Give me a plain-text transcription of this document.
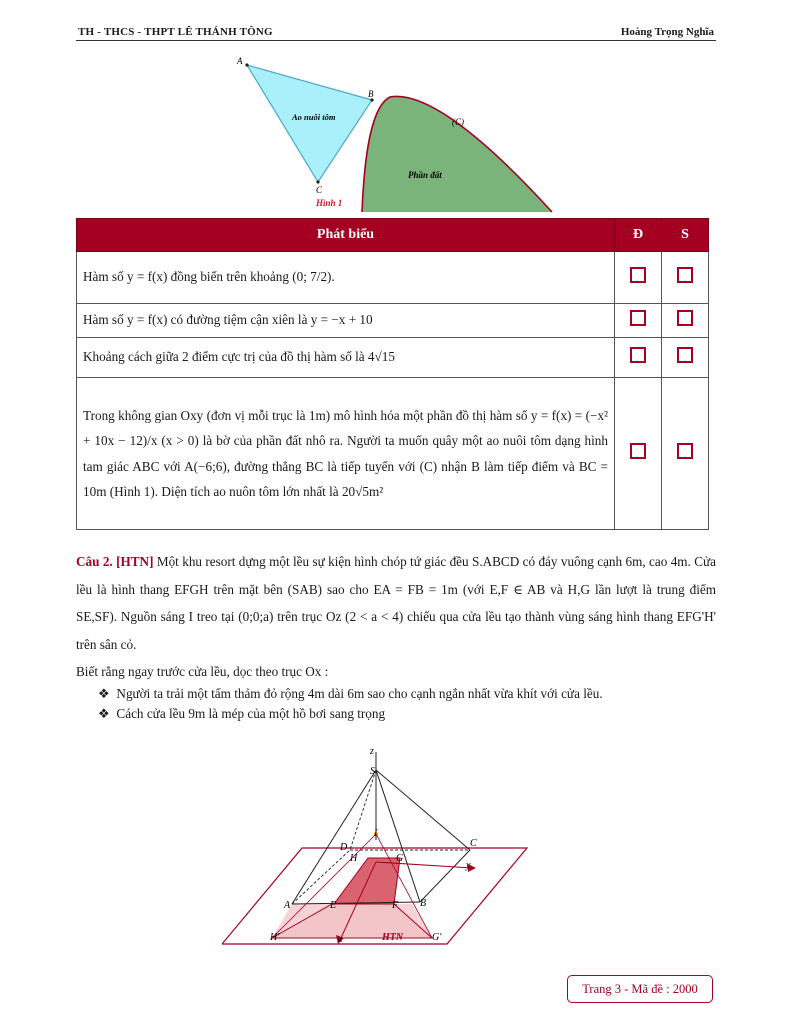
TH - THCS - THPT LÊ THÁNH TÔNG	Hoàng Trọng Nghĩa
A
B
C
(C)
Ao nuôi tôm
Phần đất
Hình 1
Phát biểu	Đ	S
Hàm số y = f(x) đồng biến trên khoảng (0; 7/2).		
Hàm số y = f(x) có đường tiệm cận xiên là y = −x + 10		
Khoảng cách giữa 2 điểm cực trị của đồ thị hàm số là 4√15		
Trong không gian Oxy (đơn vị mỗi trục là 1m) mô hình hóa một phần đồ thị hàm số y = f(x) = (−x² + 10x − 12)/x (x > 0) là bờ của phần đất nhô ra. Người ta muốn quây một ao nuôi tôm dạng hình tam giác ABC với A(−6;6), đường thẳng BC là tiếp tuyến với (C) nhận B làm tiếp điểm và BC = 10m (Hình 1). Diện tích ao nuôn tôm lớn nhất là 20√5m²		
Câu 2. [HTN] Một khu resort dựng một lều sự kiện hình chóp tứ giác đều S.ABCD có đáy vuông cạnh 6m, cao 4m. Cửa lều là hình thang EFGH trên mặt bên (SAB) sao cho EA = FB = 1m (với E,F ∈ AB và H,G lần lượt là trung điểm SE,SF). Nguồn sáng I treo tại (0;0;a) trên trục Oz (2 < a < 4) chiếu qua cửa lều tạo thành vùng sáng hình thang EFG'H' trên sân cỏ.
Biết rằng ngay trước cửa lều, dọc theo trục Ox :
❖ Người ta trải một tấm thảm đỏ rộng 4m dài 6m sao cho cạnh ngắn nhất vừa khít với cửa lều.
❖ Cách cửa lều 9m là mép của một hồ bơi sang trọng
z
S
I
C
D
H	G
y
A	E	F B
H'	x	HTN	G'
Trang 3 - Mã đề : 2000
